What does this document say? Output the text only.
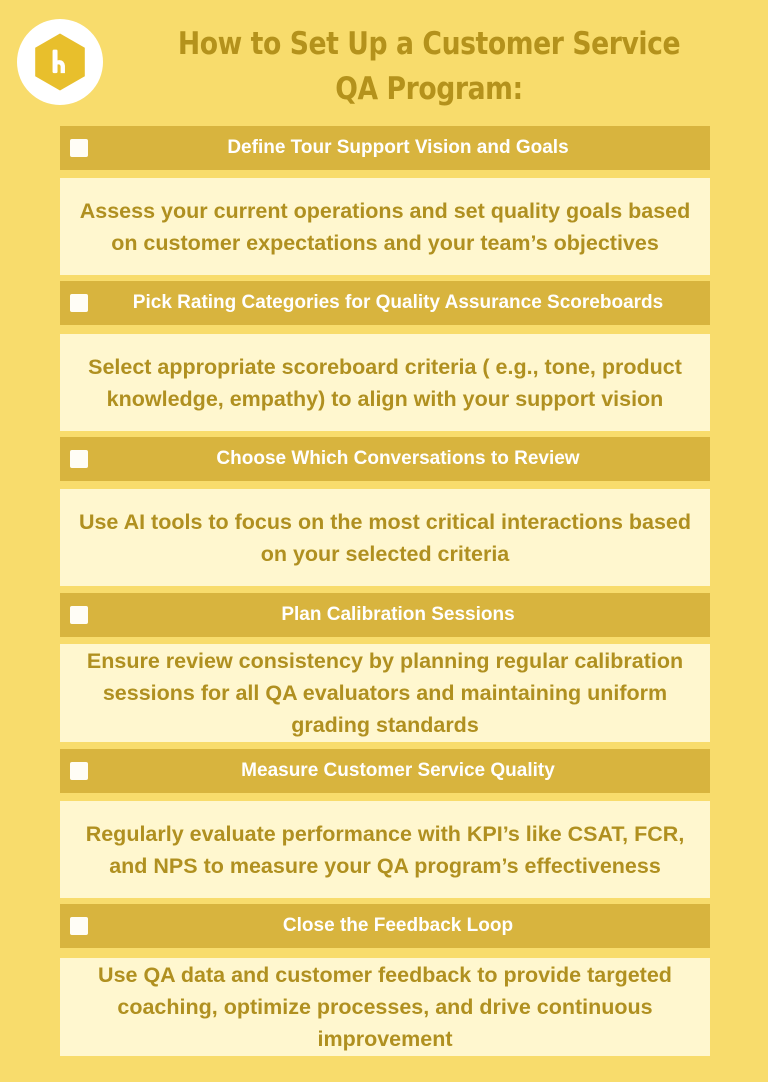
How to Set Up a Customer Service QA Program:
Define Tour Support Vision and Goals

Assess your current operations and set quality goals based on customer expectations and your team’s objectives

Pick Rating Categories for Quality Assurance Scoreboards

Select appropriate scoreboard criteria ( e.g., tone, product knowledge, empathy) to align with your support vision

Choose Which Conversations to Review

Use AI tools to focus on the most critical interactions based on your selected criteria

Plan Calibration Sessions

Ensure review consistency by planning regular calibration sessions for all QA evaluators and maintaining uniform grading standards

Measure Customer Service Quality

Regularly evaluate performance with KPI’s like CSAT, FCR, and NPS to measure your QA program’s effectiveness

Close the Feedback Loop

Use QA data and customer feedback to provide targeted coaching, optimize processes, and drive continuous improvement
